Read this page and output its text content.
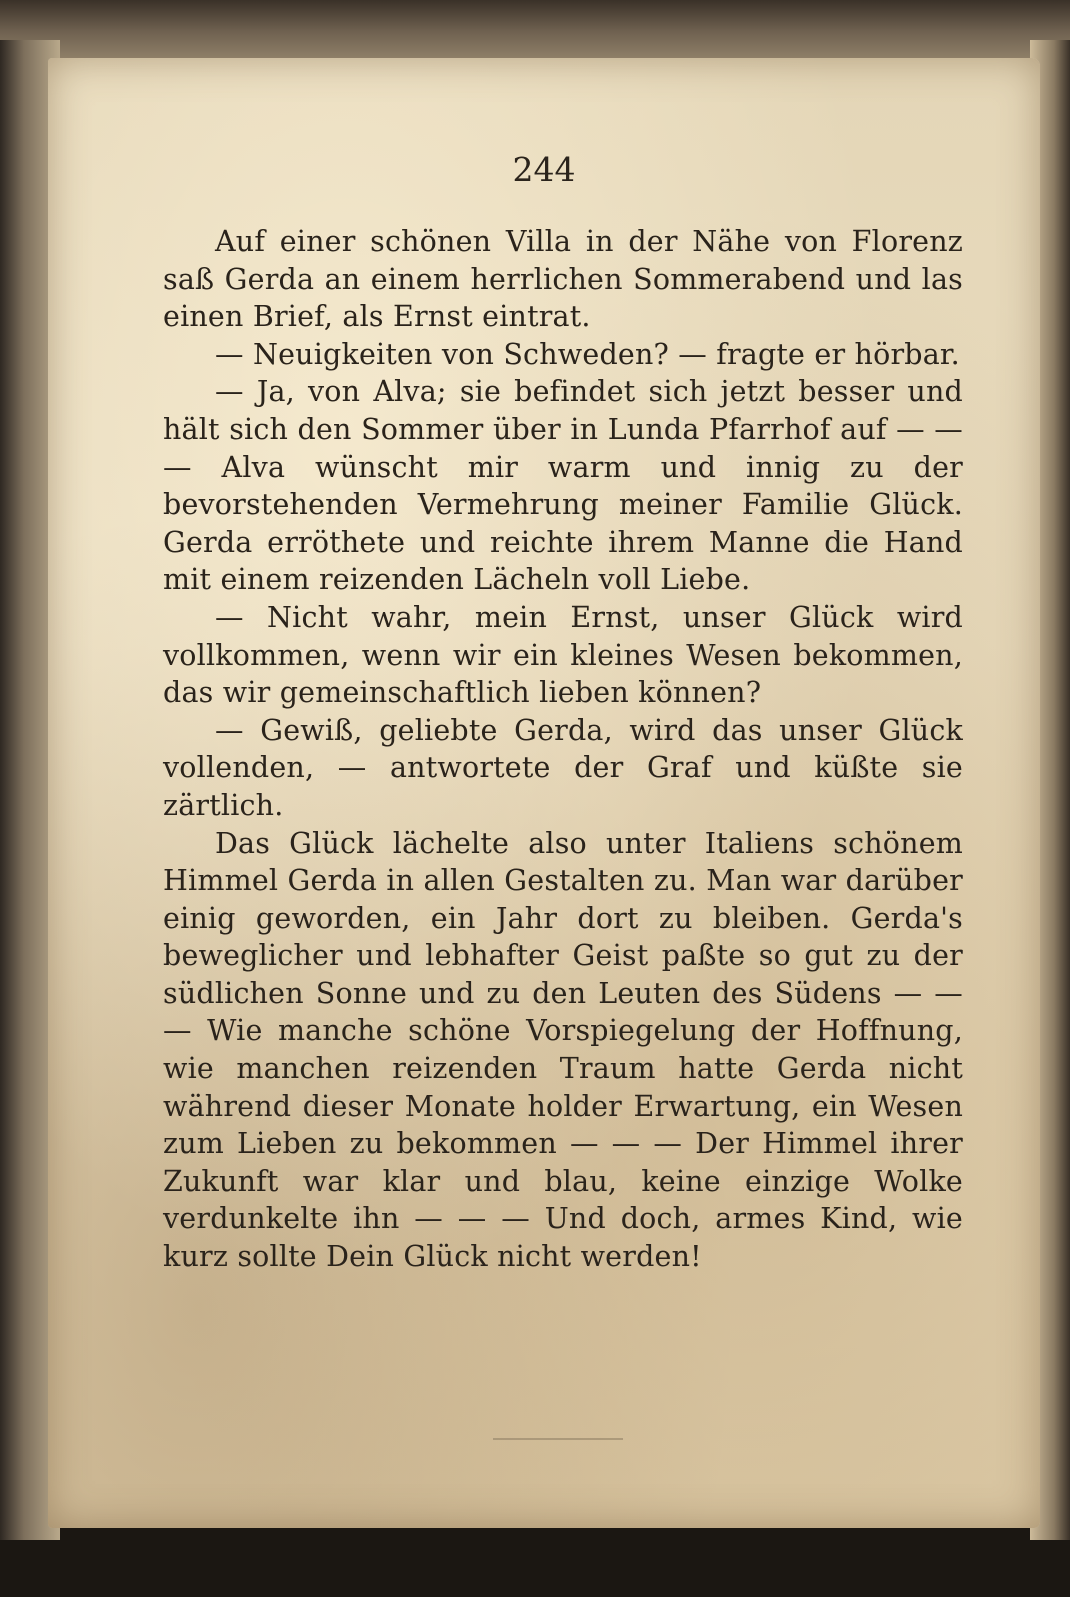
244

Auf einer schönen Villa in der Nähe von Florenz saß Gerda an einem herrlichen Sommerabend und las einen Brief, als Ernst eintrat.

— Neuigkeiten von Schweden? — fragte er hörbar.

— Ja, von Alva; sie befindet sich jetzt besser und hält sich den Sommer über in Lunda Pfarrhof auf — — — Alva wünscht mir warm und innig zu der bevorstehenden Vermehrung meiner Familie Glück. Gerda erröthete und reichte ihrem Manne die Hand mit einem reizenden Lächeln voll Liebe.

— Nicht wahr, mein Ernst, unser Glück wird vollkommen, wenn wir ein kleines Wesen bekommen, das wir gemeinschaftlich lieben können?

— Gewiß, geliebte Gerda, wird das unser Glück vollenden, — antwortete der Graf und küßte sie zärtlich.

Das Glück lächelte also unter Italiens schönem Himmel Gerda in allen Gestalten zu. Man war darüber einig geworden, ein Jahr dort zu bleiben. Gerda's beweglicher und lebhafter Geist paßte so gut zu der südlichen Sonne und zu den Leuten des Südens — — — Wie manche schöne Vorspiegelung der Hoffnung, wie manchen reizenden Traum hatte Gerda nicht während dieser Monate holder Erwartung, ein Wesen zum Lieben zu bekommen — — — Der Himmel ihrer Zukunft war klar und blau, keine einzige Wolke verdunkelte ihn — — — Und doch, armes Kind, wie kurz sollte Dein Glück nicht werden!
